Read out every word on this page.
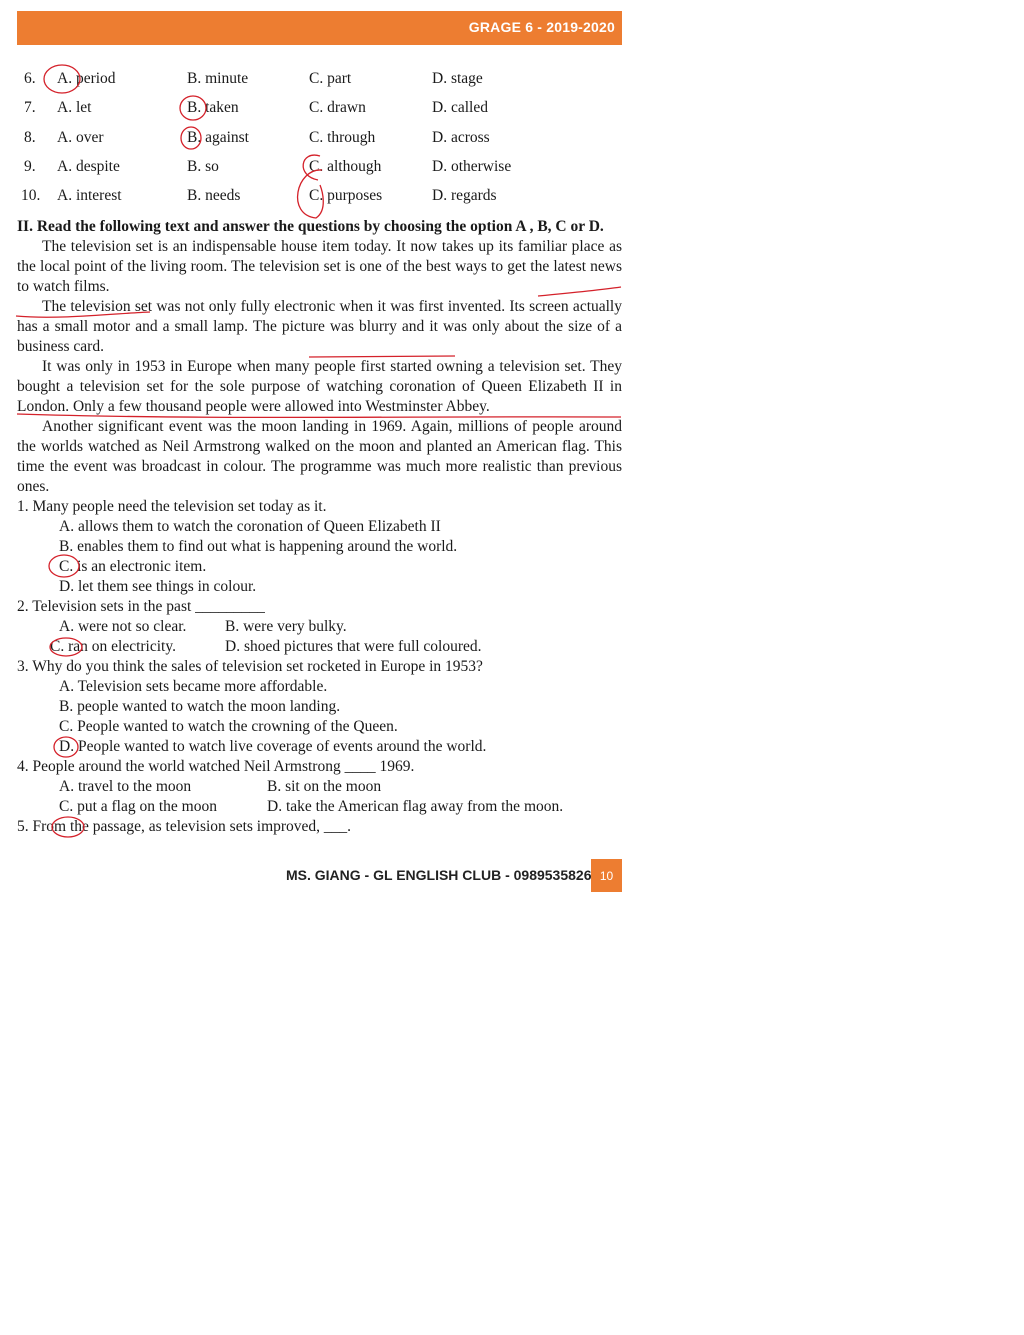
GRAGE 6 - 2019-2020
6. A. period	B. minute	C. part	D. stage
7. A. let	B. taken	C. drawn	D. called
8. A. over	B. against	C. through	D. across
9. A. despite	B. so	C. although	D. otherwise
10. A. interest	B. needs	C. purposes	D. regards
II. Read the following text and answer the questions by choosing the option A , B, C or D.

The television set is an indispensable house item today. It now takes up its familiar place as the local point of the living room. The television set is one of the best ways to get the latest news to watch films.

The television set was not only fully electronic when it was first invented. Its screen actually has a small motor and a small lamp. The picture was blurry and it was only about the size of a business card.

It was only in 1953 in Europe when many people first started owning a television set. They bought a television set for the sole purpose of watching coronation of Queen Elizabeth II in London. Only a few thousand people were allowed into Westminster Abbey.

Another significant event was the moon landing in 1969. Again, millions of people around the worlds watched as Neil Armstrong walked on the moon and planted an American flag. This time the event was broadcast in colour. The programme was much more realistic than previous ones.

1. Many people need the television set today as it.

A. allows them to watch the coronation of Queen Elizabeth II

B. enables them to find out what is happening around the world.

C. is an electronic item.

D. let them see things in colour.

2. Television sets in the past _________

A. were not so clear. B. were very bulky.
C. ran on electricity.	D. shoed pictures that were full coloured.

3. Why do you think the sales of television set rocketed in Europe in 1953?

A. Television sets became more affordable.

B. people wanted to watch the moon landing.

C. People wanted to watch the crowning of the Queen.

D. People wanted to watch live coverage of events around the world.

4. People around the world watched Neil Armstrong ____ 1969.

A. travel to the moon	B. sit on the moon
C. put a flag on the moon	D. take the American flag away from the moon.

5. From the passage, as television sets improved, ___.

MS. GIANG - GL ENGLISH CLUB - 0989535826 10
